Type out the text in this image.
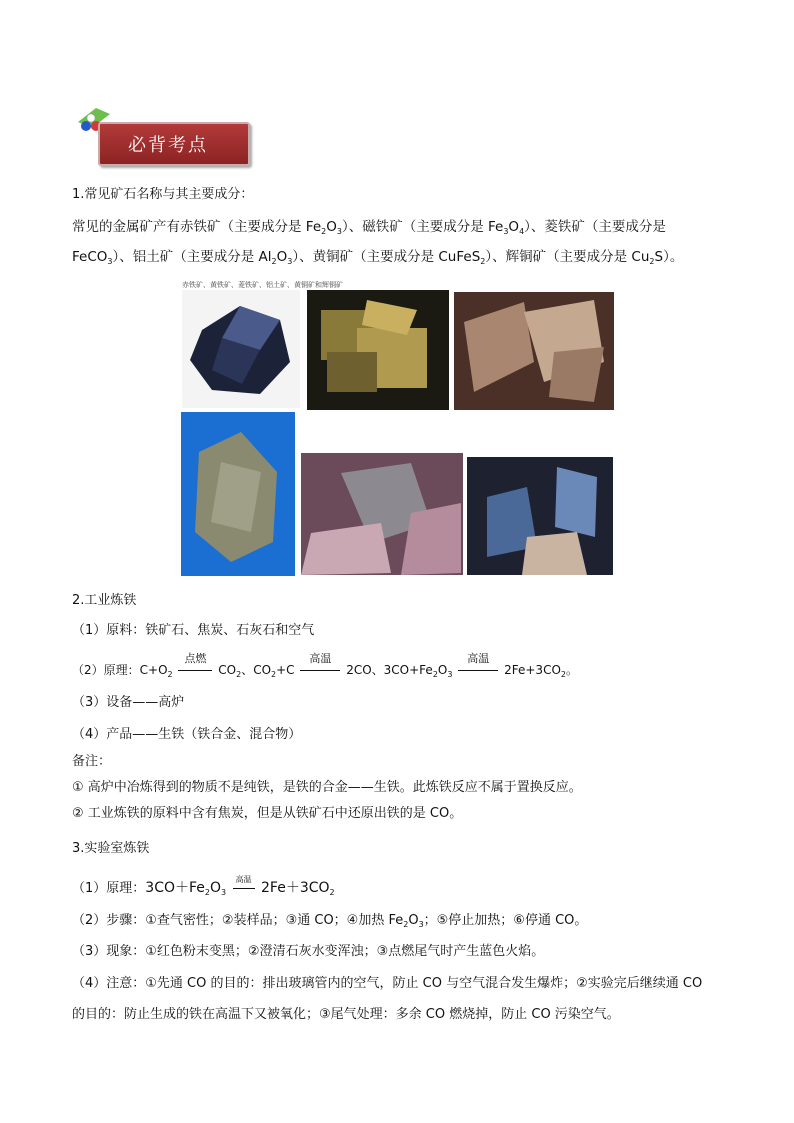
必背考点
1.常见矿石名称与其主要成分：
常见的金属矿产有赤铁矿（主要成分是 $Fe_2O_3$）、磁铁矿（主要成分是 $Fe_3O_4$）、菱铁矿（主要成分是
FeCO$_3$）、铝土矿（主要成分是 $Al_2O_3$）、黄铜矿（主要成分是 CuFeS$_2$）、辉铜矿（主要成分是 $Cu_2S$）。
赤铁矿、黄铁矿、菱铁矿、铝土矿、黄铜矿和辉铜矿
2.工业炼铁
（1）原料：铁矿石、焦炭、石灰石和空气
（2）原理：$C+O_2$
点燃
$CO_2$、$CO_2+C$
高温
2CO、$3CO+Fe_2O_3$
高温
$2Fe+3CO_2$。
（3）设备——高炉
（4）产品——生铁（铁合金、混合物）
备注：
① 高炉中冶炼得到的物质不是纯铁，是铁的合金——生铁。此炼铁反应不属于置换反应。
② 工业炼铁的原料中含有焦炭，但是从铁矿石中还原出铁的是 CO。
3.实验室炼铁
（1）原理：$3CO+Fe_2O_3$
高温
$2Fe+3CO_2$
（2）步骤：①查气密性；②装样品；③通 CO；④加热 $Fe_2O_3$；⑤停止加热；⑥停通 CO。
（3）现象：①红色粉末变黑；②澄清石灰水变浑浊；③点燃尾气时产生蓝色火焰。
（4）注意：①先通 CO 的目的：排出玻璃管内的空气，防止 CO 与空气混合发生爆炸；②实验完后继续通 CO
的目的：防止生成的铁在高温下又被氧化；③尾气处理：多余 CO 燃烧掉，防止 CO 污染空气。
